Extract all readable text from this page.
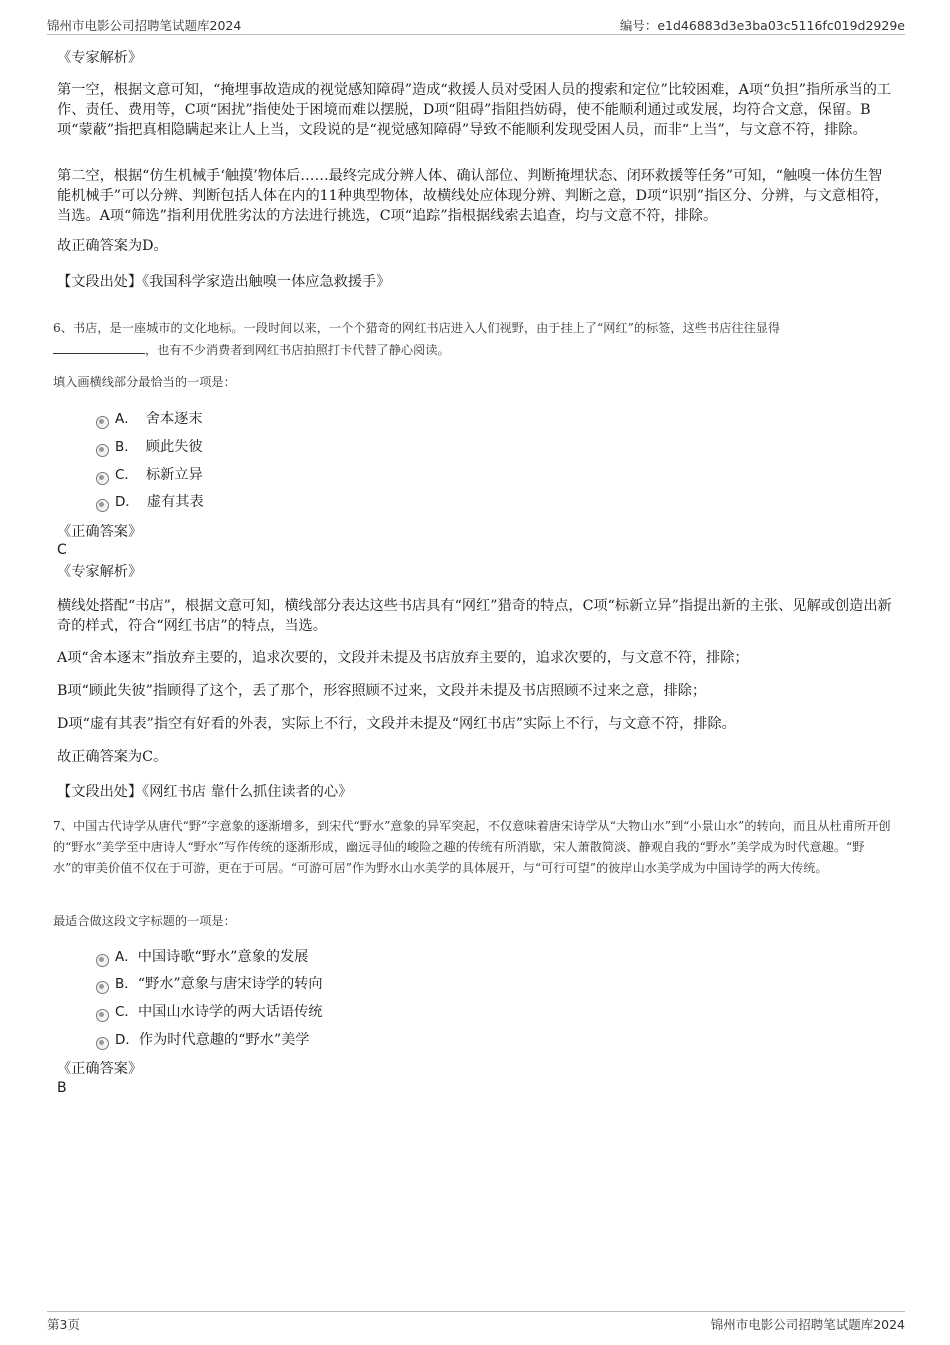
锦州市电影公司招聘笔试题库2024	编号：e1d46883d3e3ba03c5116fc019d2929e

《专家解析》

第一空，根据文意可知，“掩埋事故造成的视觉感知障碍”造成“救援人员对受困人员的搜索和定位”比较困难，A项“负担”指所承当的工作、责任、费用等，C项“困扰”指使处于困境而难以摆脱，D项“阻碍”指阻挡妨碍，使不能顺利通过或发展，均符合文意，保留。B项“蒙蔽”指把真相隐瞒起来让人上当，文段说的是“视觉感知障碍”导致不能顺利发现受困人员，而非“上当”，与文意不符，排除。

第二空，根据“仿生机械手‘触摸’物体后……最终完成分辨人体、确认部位、判断掩埋状态、闭环救援等任务”可知，“触嗅一体仿生智能机械手”可以分辨、判断包括人体在内的11种典型物体，故横线处应体现分辨、判断之意，D项“识别”指区分、分辨，与文意相符，当选。A项“筛选”指利用优胜劣汰的方法进行挑选，C项“追踪”指根据线索去追查，均与文意不符，排除。

故正确答案为D。

【文段出处】《我国科学家造出触嗅一体应急救援手》

6、书店，是一座城市的文化地标。一段时间以来，一个个猎奇的网红书店进入人们视野，由于挂上了“网红”的标签，这些书店往往显得
，也有不少消费者到网红书店拍照打卡代替了静心阅读。

填入画横线部分最恰当的一项是：

A． 舍本逐末
B． 顾此失彼
C． 标新立异
D． 虚有其表

《正确答案》

C

《专家解析》

横线处搭配“书店”，根据文意可知，横线部分表达这些书店具有“网红”猎奇的特点，C项“标新立异”指提出新的主张、见解或创造出新奇的样式，符合“网红书店”的特点，当选。

A项“舍本逐末”指放弃主要的，追求次要的，文段并未提及书店放弃主要的，追求次要的，与文意不符，排除；

B项“顾此失彼”指顾得了这个，丢了那个，形容照顾不过来，文段并未提及书店照顾不过来之意，排除；

D项“虚有其表”指空有好看的外表，实际上不行，文段并未提及“网红书店”实际上不行，与文意不符，排除。

故正确答案为C。

【文段出处】《网红书店 靠什么抓住读者的心》

7、中国古代诗学从唐代“野”字意象的逐渐增多，到宋代“野水”意象的异军突起，不仅意味着唐宋诗学从“大物山水”到“小景山水”的转向，而且从杜甫所开创的“野水”美学至中唐诗人“野水”写作传统的逐渐形成，幽远寻仙的峻险之趣的传统有所消歇，宋人萧散简淡、静观自我的“野水”美学成为时代意趣。“野水”的审美价值不仅在于可游，更在于可居。“可游可居”作为野水山水美学的具体展开，与“可行可望”的彼岸山水美学成为中国诗学的两大传统。

最适合做这段文字标题的一项是：

A．中国诗歌“野水”意象的发展
B．“野水”意象与唐宋诗学的转向
C．中国山水诗学的两大话语传统
D．作为时代意趣的“野水”美学

《正确答案》

B

第3页	锦州市电影公司招聘笔试题库2024
